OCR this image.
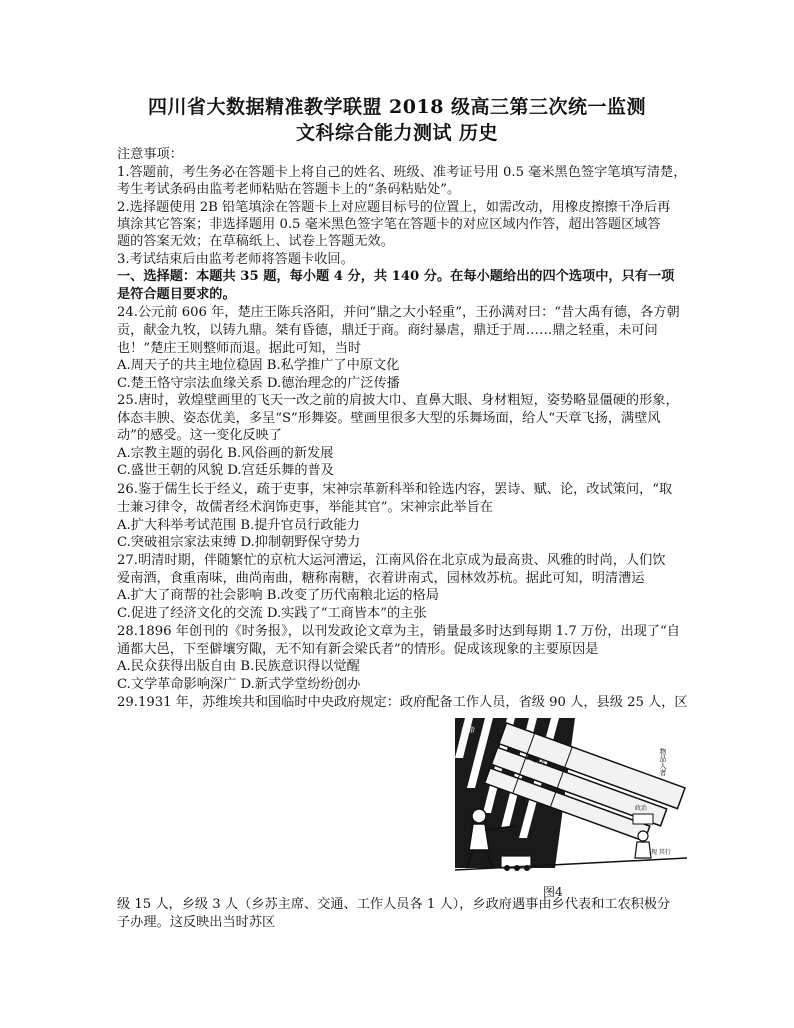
四川省大数据精准教学联盟 2018 级高三第三次统一监测
文科综合能力测试 历史
注意事项：
1.答题前，考生务必在答题卡上将自己的姓名、班级、准考证号用 0.5 毫米黑色签字笔填写清楚，
考生考试条码由监考老师粘贴在答题卡上的“条码粘贴处”。
2.选择题使用 2B 铅笔填涂在答题卡上对应题目标号的位置上，如需改动，用橡皮擦擦干净后再
填涂其它答案；非选择题用 0.5 毫米黑色签字笔在答题卡的对应区域内作答，超出答题区域答
题的答案无效；在草稿纸上、试卷上答题无效。
3.考试结束后由监考老师将答题卡收回。
一、选择题：本题共 35 题，每小题 4 分，共 140 分。在每小题给出的四个选项中，只有一项
是符合题目要求的。
24.公元前 606 年，楚庄王陈兵洛阳，并问“鼎之大小轻重”，王孙满对曰：“昔大禹有德，各方朝
贡，献金九牧，以铸九鼎。桀有昏德，鼎迁于商。商纣暴虐，鼎迁于周……鼎之轻重，未可问
也！”楚庄王则整师而退。据此可知，当时
A.周天子的共主地位稳固 B.私学推广了中原文化
C.楚王恪守宗法血缘关系 D.德治理念的广泛传播
25.唐时，敦煌壁画里的飞天一改之前的肩披大巾、直鼻大眼、身材粗短，姿势略显僵硬的形象，
体态丰腴、姿态优美，多呈“S”形舞姿。壁画里很多大型的乐舞场面，给人“天章飞扬，满壁风
动”的感受。这一变化反映了
A.宗教主题的弱化 B.风俗画的新发展
C.盛世王朝的风貌 D.宫廷乐舞的普及
26.鉴于儒生长于经义，疏于吏事，宋神宗革新科举和铨选内容，罢诗、赋、论，改试策问，“取
士兼习律令，故儒者经术润饰吏事，举能其官”。宋神宗此举旨在
A.扩大科举考试范围 B.提升官员行政能力
C.突破祖宗家法束缚 D.抑制朝野保守势力
27.明清时期，伴随繁忙的京杭大运河漕运，江南风俗在北京成为最高贵、风雅的时尚，人们饮
爱南酒，食重南味，曲尚南曲，糖称南糖，衣着讲南式，园林效苏杭。据此可知，明清漕运
A.扩大了商帮的社会影响 B.改变了历代南粮北运的格局
C.促进了经济文化的交流 D.实践了“工商皆本”的主张
28.1896 年创刊的《时务报》，以刊发政论文章为主，销量最多时达到每期 1.7 万份，出现了“自
通都大邑，下至僻壤穷陬，无不知有新会梁氏者”的情形。促成该现象的主要原因是
A.民众获得出版自由 B.民族意识得以觉醒
C.文学革命影响深广 D.新式学堂纷纷创办
29.1931 年，苏维埃共和国临时中央政府规定：政府配备工作人员，省级 90 人，县级 25 人，区
级 15 人，乡级 3 人（乡苏主席、交通、工作人员各 1 人），乡政府遇事由乡代表和工农积极分
子办理。这反映出当时苏区
美帝
U.S.A	物品人者
政治
现 其行
图4
